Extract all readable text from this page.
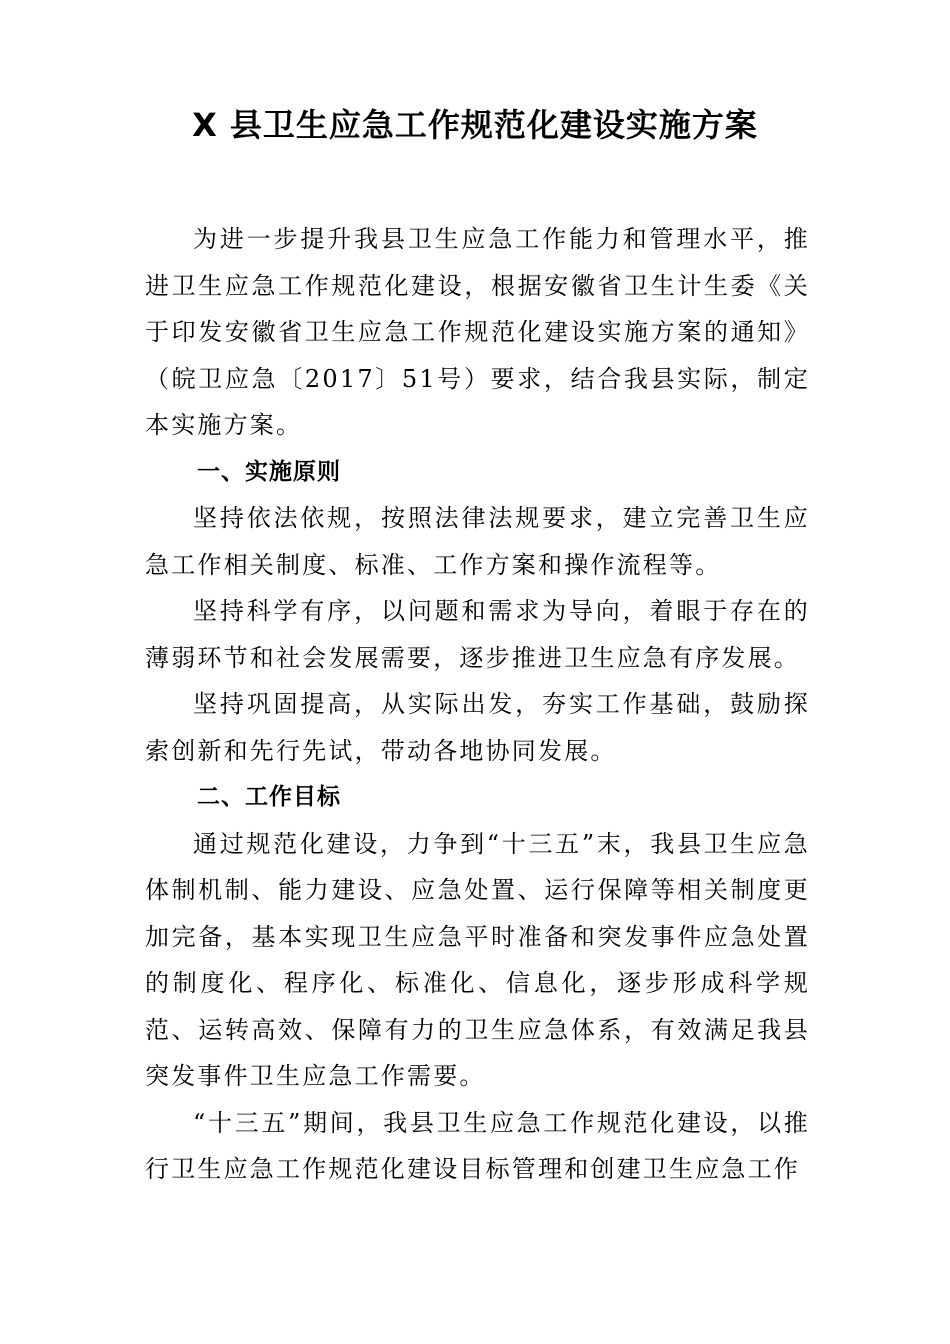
X 县卫生应急工作规范化建设实施方案

为进一步提升我县卫生应急工作能力和管理水平，推进卫生应急工作规范化建设，根据安徽省卫生计生委《关于印发安徽省卫生应急工作规范化建设实施方案的通知》（皖卫应急〔2017〕51号）要求，结合我县实际，制定本实施方案。

一、实施原则

坚持依法依规，按照法律法规要求，建立完善卫生应急工作相关制度、标准、工作方案和操作流程等。

坚持科学有序，以问题和需求为导向，着眼于存在的薄弱环节和社会发展需要，逐步推进卫生应急有序发展。

坚持巩固提高，从实际出发，夯实工作基础，鼓励探索创新和先行先试，带动各地协同发展。

二、工作目标

通过规范化建设，力争到“十三五”末，我县卫生应急体制机制、能力建设、应急处置、运行保障等相关制度更加完备，基本实现卫生应急平时准备和突发事件应急处置的制度化、程序化、标准化、信息化，逐步形成科学规范、运转高效、保障有力的卫生应急体系，有效满足我县突发事件卫生应急工作需要。

“十三五”期间，我县卫生应急工作规范化建设，以推行卫生应急工作规范化建设目标管理和创建卫生应急工作
